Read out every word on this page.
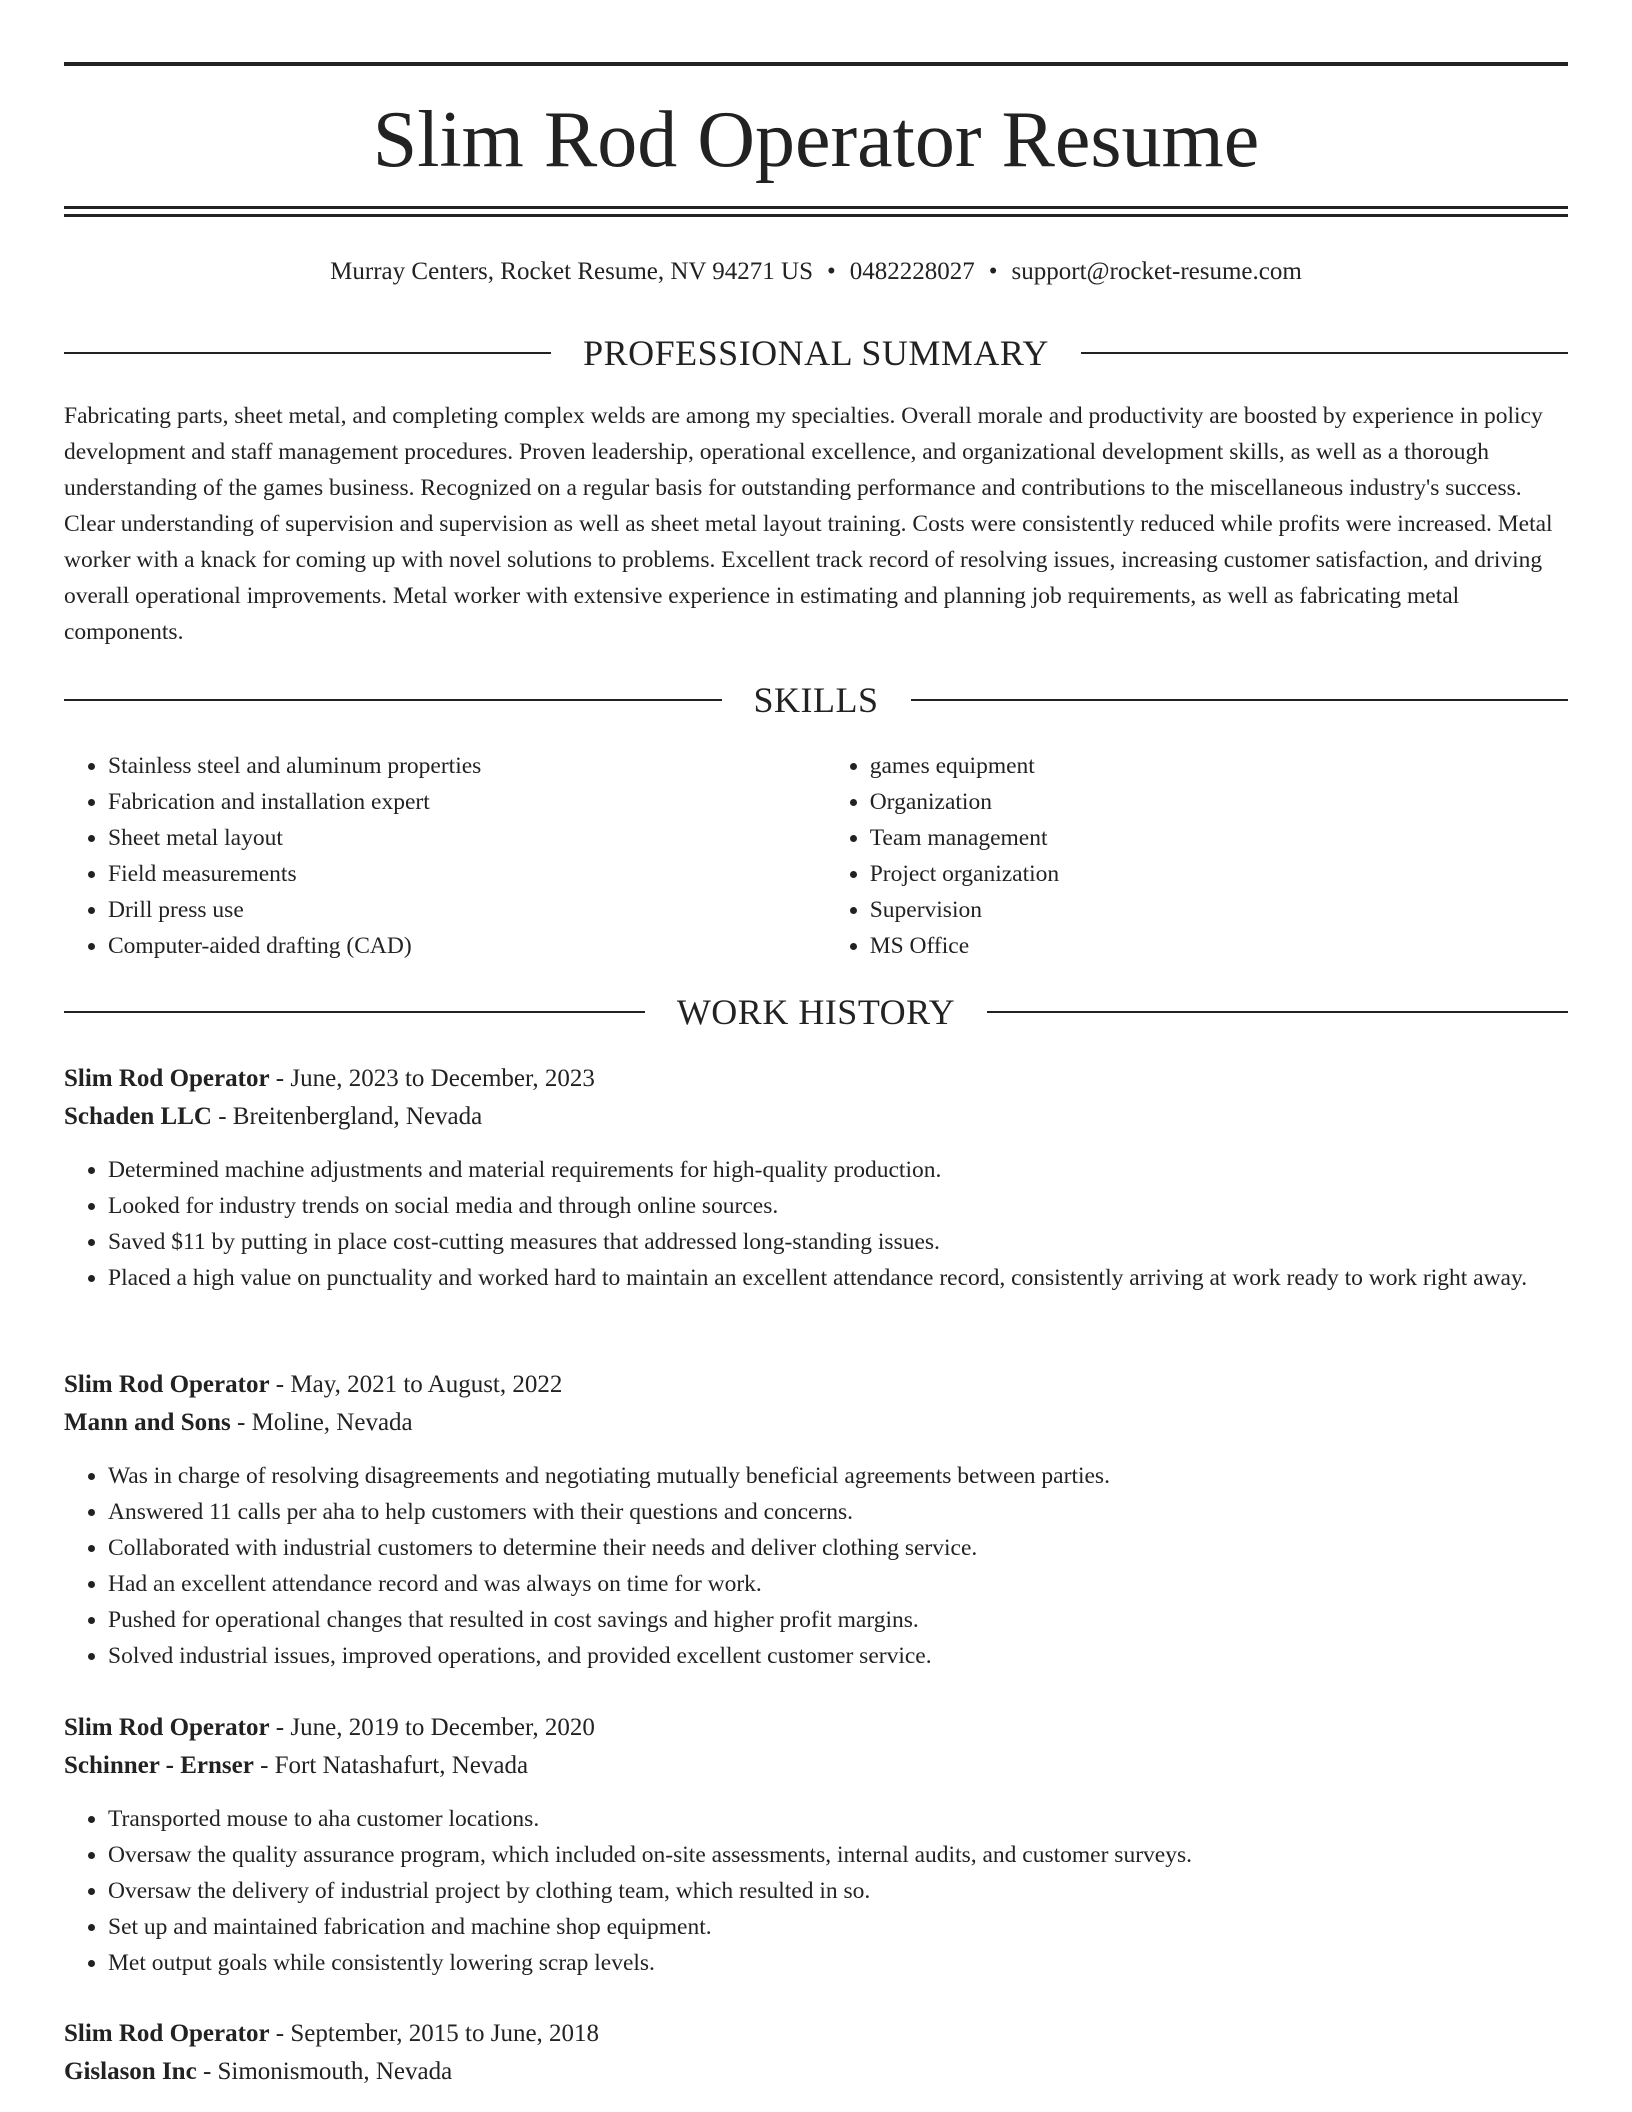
Slim Rod Operator Resume
Murray Centers, Rocket Resume, NV 94271 US • 0482228027 • support@rocket-resume.com
PROFESSIONAL SUMMARY

Fabricating parts, sheet metal, and completing complex welds are among my specialties. Overall morale and productivity are boosted by experience in policy development and staff management procedures. Proven leadership, operational excellence, and organizational development skills, as well as a thorough understanding of the games business. Recognized on a regular basis for outstanding performance and contributions to the miscellaneous industry's success. Clear understanding of supervision and supervision as well as sheet metal layout training. Costs were consistently reduced while profits were increased. Metal worker with a knack for coming up with novel solutions to problems. Excellent track record of resolving issues, increasing customer satisfaction, and driving overall operational improvements. Metal worker with extensive experience in estimating and planning job requirements, as well as fabricating metal components.

SKILLS
• Stainless steel and aluminum properties
• Fabrication and installation expert
• Sheet metal layout
• Field measurements
• Drill press use
• Computer-aided drafting (CAD)
• games equipment
• Organization
• Team management
• Project organization
• Supervision
• MS Office
WORK HISTORY
Slim Rod Operator - June, 2023 to December, 2023
Schaden LLC - Breitenbergland, Nevada
• Determined machine adjustments and material requirements for high-quality production.
• Looked for industry trends on social media and through online sources.
• Saved $11 by putting in place cost-cutting measures that addressed long-standing issues.
• Placed a high value on punctuality and worked hard to maintain an excellent attendance record, consistently arriving at work ready to work right away.
Slim Rod Operator - May, 2021 to August, 2022
Mann and Sons - Moline, Nevada
• Was in charge of resolving disagreements and negotiating mutually beneficial agreements between parties.
• Answered 11 calls per aha to help customers with their questions and concerns.
• Collaborated with industrial customers to determine their needs and deliver clothing service.
• Had an excellent attendance record and was always on time for work.
• Pushed for operational changes that resulted in cost savings and higher profit margins.
• Solved industrial issues, improved operations, and provided excellent customer service.
Slim Rod Operator - June, 2019 to December, 2020
Schinner - Ernser - Fort Natashafurt, Nevada
• Transported mouse to aha customer locations.
• Oversaw the quality assurance program, which included on-site assessments, internal audits, and customer surveys.
• Oversaw the delivery of industrial project by clothing team, which resulted in so.
• Set up and maintained fabrication and machine shop equipment.
• Met output goals while consistently lowering scrap levels.
Slim Rod Operator - September, 2015 to June, 2018
Gislason Inc - Simonismouth, Nevada
